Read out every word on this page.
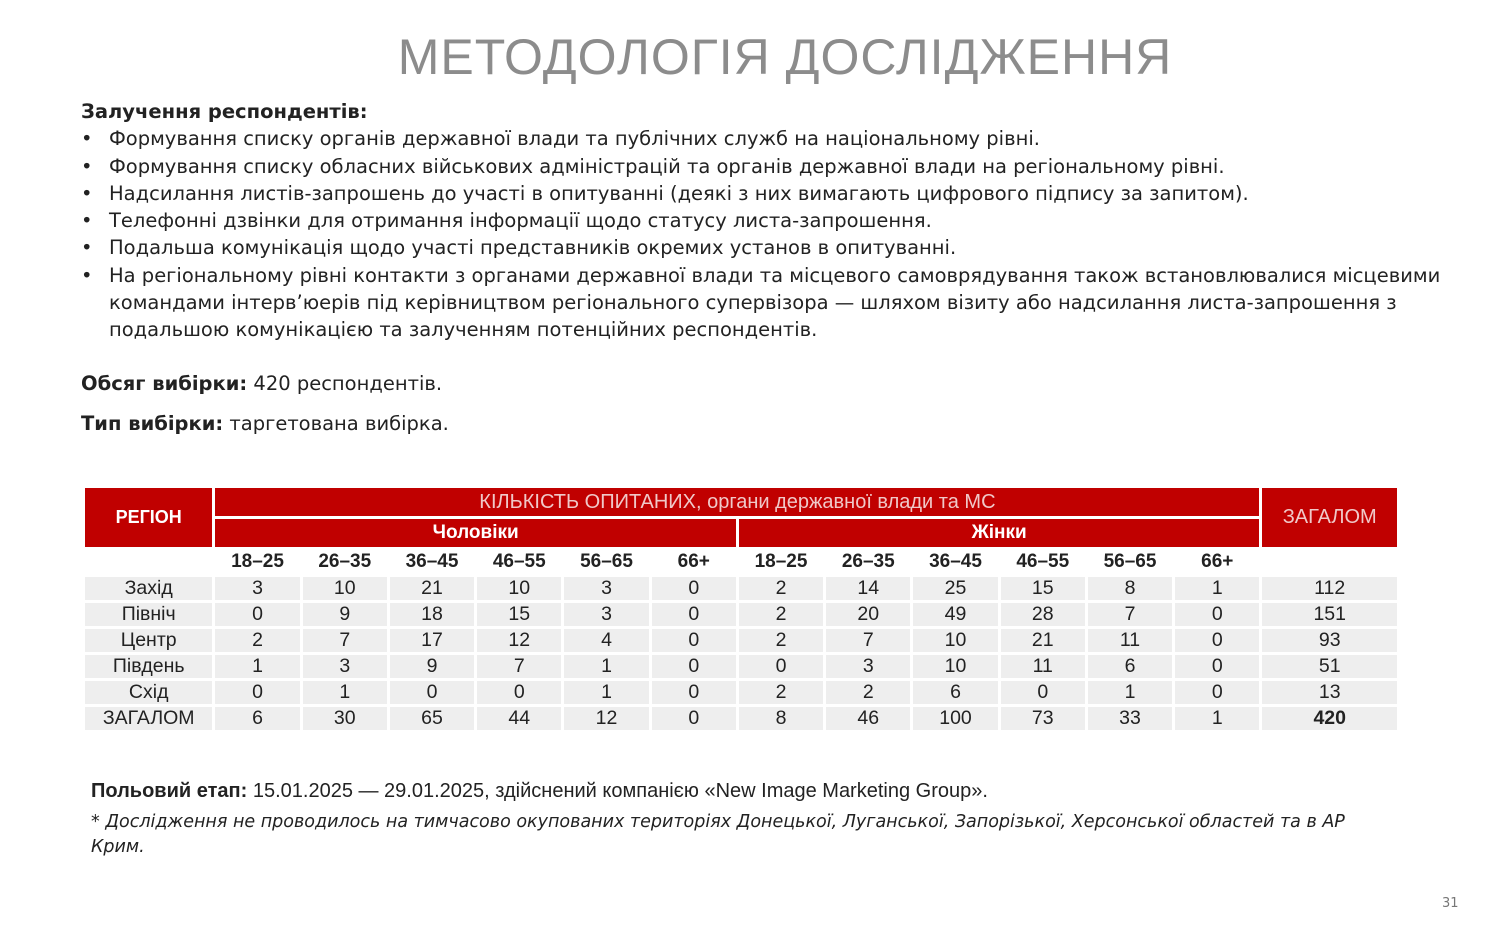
МЕТОДОЛОГІЯ ДОСЛІДЖЕННЯ
Залучення респондентів:
• Формування списку органів державної влади та публічних служб на національному рівні.
• Формування списку обласних військових адміністрацій та органів державної влади на регіональному рівні.
• Надсилання листів-запрошень до участі в опитуванні (деякі з них вимагають цифрового підпису за запитом).
• Телефонні дзвінки для отримання інформації щодо статусу листа-запрошення.
• Подальша комунікація щодо участі представників окремих установ в опитуванні.
• На регіональному рівні контакти з органами державної влади та місцевого самоврядування також встановлювалися місцевими командами інтерв’юерів під керівництвом регіонального супервізора — шляхом візиту або надсилання листа-запрошення з подальшою комунікацією та залученням потенційних респондентів.
Обсяг вибірки: 420 респондентів.
Тип вибірки: таргетована вибірка.
РЕГІОН	КІЛЬКІСТЬ ОПИТАНИХ, органи державної влади та МС												ЗАГАЛОМ
	Чоловіки						Жінки						
	18–25	26–35	36–45	46–55	56–65	66+	18–25	26–35	36–45	46–55	56–65	66+	
Захід	3	10	21	10	3	0	2	14	25	15	8	1	112
Північ	0	9	18	15	3	0	2	20	49	28	7	0	151
Центр	2	7	17	12	4	0	2	7	10	21	11	0	93
Південь	1	3	9	7	1	0	0	3	10	11	6	0	51
Схід	0	1	0	0	1	0	2	2	6	0	1	0	13
ЗАГАЛОМ	6	30	65	44	12	0	8	46	100	73	33	1	420
Польовий етап: 15.01.2025 — 29.01.2025, здійснений компанією «New Image Marketing Group».
* Дослідження не проводилось на тимчасово окупованих територіях Донецької, Луганської, Запорізької, Херсонської областей та в АР Крим.
31
